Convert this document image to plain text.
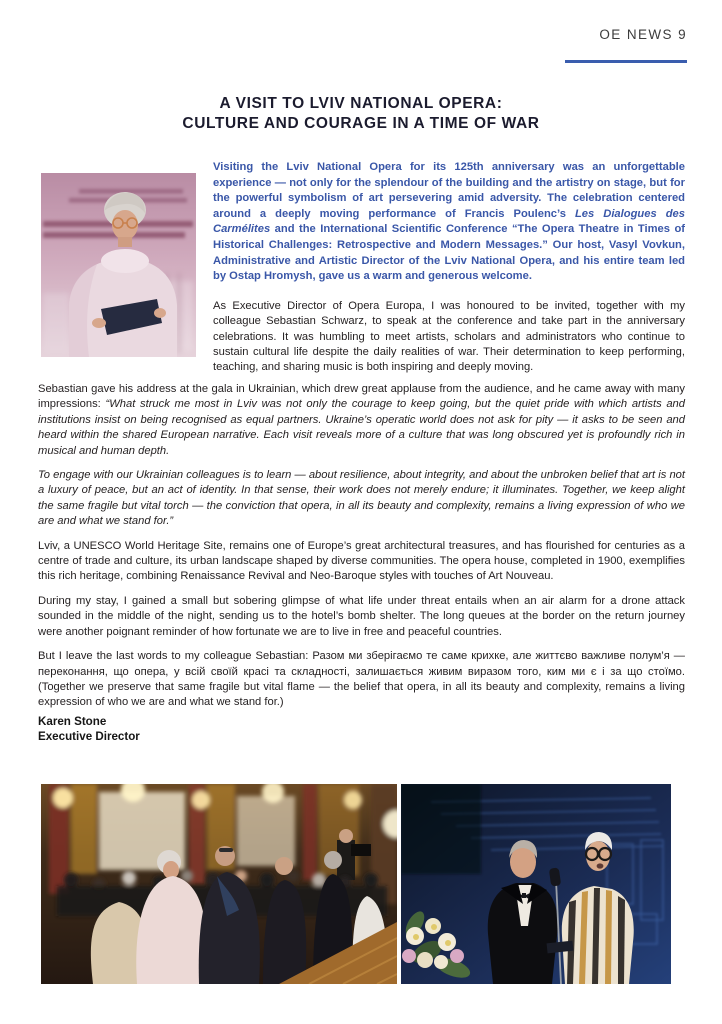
OE NEWS 9
A VISIT TO LVIV NATIONAL OPERA:
CULTURE AND COURAGE IN A TIME OF WAR

Visiting the Lviv National Opera for its 125th anniversary was an unforgettable experience — not only for the splendour of the building and the artistry on stage, but for the powerful symbolism of art persevering amid adversity. The celebration centered around a deeply moving performance of Francis Poulenc’s Les Dialogues des Carmélites and the International Scientific Conference “The Opera Theatre in Times of Historical Challenges: Retrospective and Modern Messages.” Our host, Vasyl Vovkun, Administrative and Artistic Director of the Lviv National Opera, and his entire team led by Ostap Hromysh, gave us a warm and generous welcome.

As Executive Director of Opera Europa, I was honoured to be invited, together with my colleague Sebastian Schwarz, to speak at the conference and take part in the anniversary celebrations. It was humbling to meet artists, scholars and administrators who continue to sustain cultural life despite the daily realities of war. Their determination to keep performing, teaching, and sharing music is both inspiring and deeply moving.

Sebastian gave his address at the gala in Ukrainian, which drew great applause from the audience, and he came away with many impressions: “What struck me most in Lviv was not only the courage to keep going, but the quiet pride with which artists and institutions insist on being recognised as equal partners. Ukraine’s operatic world does not ask for pity — it asks to be seen and heard within the shared European narrative. Each visit reveals more of a culture that was long obscured yet is profoundly rich in musical and human depth.

To engage with our Ukrainian colleagues is to learn — about resilience, about integrity, and about the unbroken belief that art is not a luxury of peace, but an act of identity. In that sense, their work does not merely endure; it illuminates. Together, we keep alight the same fragile but vital torch — the conviction that opera, in all its beauty and complexity, remains a living expression of who we are and what we stand for.”

Lviv, a UNESCO World Heritage Site, remains one of Europe’s great architectural treasures, and has flourished for centuries as a centre of trade and culture, its urban landscape shaped by diverse communities. The opera house, completed in 1900, exemplifies this rich heritage, combining Renaissance Revival and Neo-Baroque styles with touches of Art Nouveau.

During my stay, I gained a small but sobering glimpse of what life under threat entails when an air alarm for a drone attack sounded in the middle of the night, sending us to the hotel’s bomb shelter. The long queues at the border on the return journey were another poignant reminder of how fortunate we are to live in free and peaceful countries.

But I leave the last words to my colleague Sebastian: Разом ми зберігаємо те саме крихке, але життєво важливе полум’я — переконання, що опера, у всій своїй красі та складності, залишається живим виразом того, ким ми є і за що стоїмо. (Together we preserve that same fragile but vital flame — the belief that opera, in all its beauty and complexity, remains a living expression of who we are and what we stand for.)

Karen Stone
Executive Director
